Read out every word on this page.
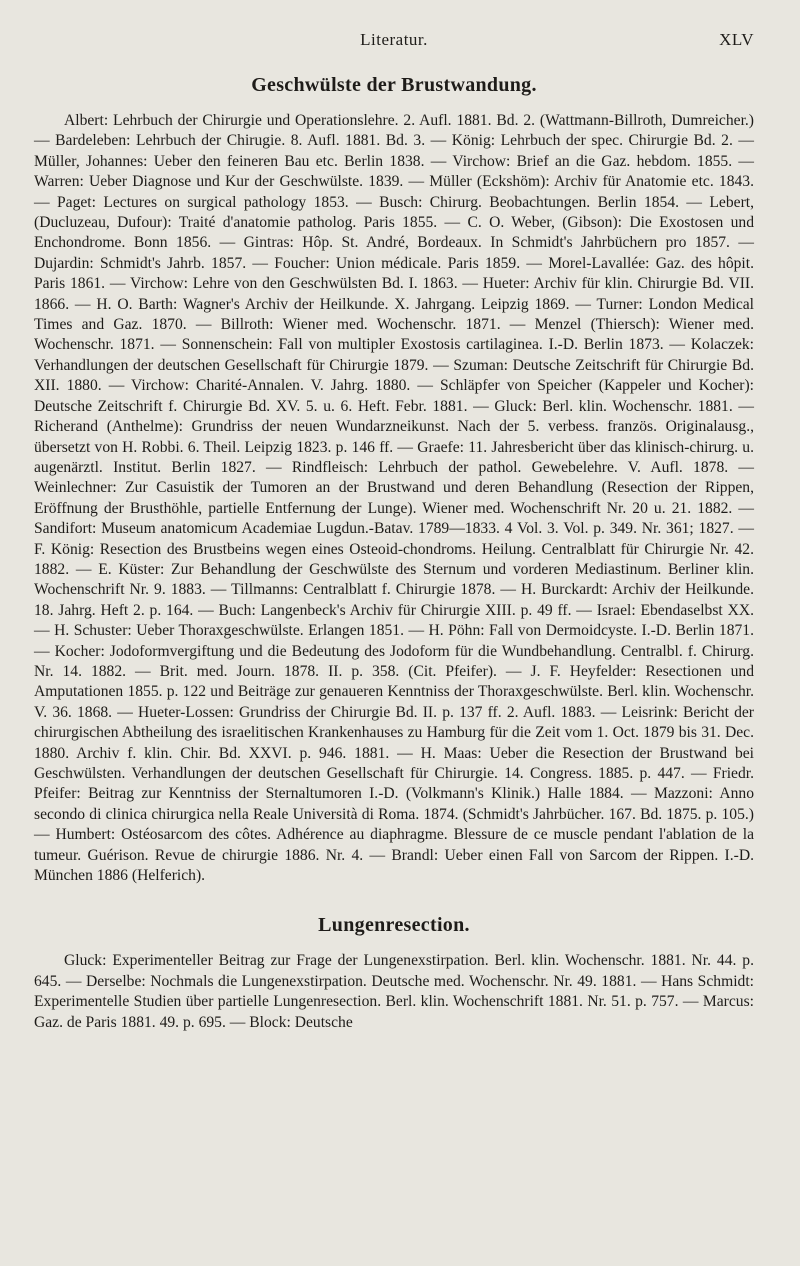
Literatur.	XLV
Geschwülste der Brustwandung.

Albert: Lehrbuch der Chirurgie und Operationslehre. 2. Aufl. 1881. Bd. 2. (Wattmann-Billroth, Dumreicher.) — Bardeleben: Lehrbuch der Chirugie. 8. Aufl. 1881. Bd. 3. — König: Lehrbuch der spec. Chirurgie Bd. 2. — Müller, Johannes: Ueber den feineren Bau etc. Berlin 1838. — Virchow: Brief an die Gaz. hebdom. 1855. — Warren: Ueber Diagnose und Kur der Geschwülste. 1839. — Müller (Eckshöm): Archiv für Anatomie etc. 1843. — Paget: Lectures on surgical pathology 1853. — Busch: Chirurg. Beobachtungen. Berlin 1854. — Lebert, (Ducluzeau, Dufour): Traité d'anatomie patholog. Paris 1855. — C. O. Weber, (Gibson): Die Exostosen und Enchondrome. Bonn 1856. — Gintras: Hôp. St. André, Bordeaux. In Schmidt's Jahrbüchern pro 1857. — Dujardin: Schmidt's Jahrb. 1857. — Foucher: Union médicale. Paris 1859. — Morel-Lavallée: Gaz. des hôpit. Paris 1861. — Virchow: Lehre von den Geschwülsten Bd. I. 1863. — Hueter: Archiv für klin. Chirurgie Bd. VII. 1866. — H. O. Barth: Wagner's Archiv der Heilkunde. X. Jahrgang. Leipzig 1869. — Turner: London Medical Times and Gaz. 1870. — Billroth: Wiener med. Wochenschr. 1871. — Menzel (Thiersch): Wiener med. Wochenschr. 1871. — Sonnenschein: Fall von multipler Exostosis cartilaginea. I.-D. Berlin 1873. — Kolaczek: Verhandlungen der deutschen Gesellschaft für Chirurgie 1879. — Szuman: Deutsche Zeitschrift für Chirurgie Bd. XII. 1880. — Virchow: Charité-Annalen. V. Jahrg. 1880. — Schläpfer von Speicher (Kappeler und Kocher): Deutsche Zeitschrift f. Chirurgie Bd. XV. 5. u. 6. Heft. Febr. 1881. — Gluck: Berl. klin. Wochenschr. 1881. — Richerand (Anthelme): Grundriss der neuen Wundarzneikunst. Nach der 5. verbess. französ. Originalausg., übersetzt von H. Robbi. 6. Theil. Leipzig 1823. p. 146 ff. — Graefe: 11. Jahresbericht über das klinisch-chirurg. u. augenärztl. Institut. Berlin 1827. — Rindfleisch: Lehrbuch der pathol. Gewebelehre. V. Aufl. 1878. — Weinlechner: Zur Casuistik der Tumoren an der Brustwand und deren Behandlung (Resection der Rippen, Eröffnung der Brusthöhle, partielle Entfernung der Lunge). Wiener med. Wochenschrift Nr. 20 u. 21. 1882. — Sandifort: Museum anatomicum Academiae Lugdun.-Batav. 1789—1833. 4 Vol. 3. Vol. p. 349. Nr. 361; 1827. — F. König: Resection des Brustbeins wegen eines Osteoid-chondroms. Heilung. Centralblatt für Chirurgie Nr. 42. 1882. — E. Küster: Zur Behandlung der Geschwülste des Sternum und vorderen Mediastinum. Berliner klin. Wochenschrift Nr. 9. 1883. — Tillmanns: Centralblatt f. Chirurgie 1878. — H. Burckardt: Archiv der Heilkunde. 18. Jahrg. Heft 2. p. 164. — Buch: Langenbeck's Archiv für Chirurgie XIII. p. 49 ff. — Israel: Ebendaselbst XX. — H. Schuster: Ueber Thoraxgeschwülste. Erlangen 1851. — H. Pöhn: Fall von Dermoidcyste. I.-D. Berlin 1871. — Kocher: Jodoformvergiftung und die Bedeutung des Jodoform für die Wundbehandlung. Centralbl. f. Chirurg. Nr. 14. 1882. — Brit. med. Journ. 1878. II. p. 358. (Cit. Pfeifer). — J. F. Heyfelder: Resectionen und Amputationen 1855. p. 122 und Beiträge zur genaueren Kenntniss der Thoraxgeschwülste. Berl. klin. Wochenschr. V. 36. 1868. — Hueter-Lossen: Grundriss der Chirurgie Bd. II. p. 137 ff. 2. Aufl. 1883. — Leisrink: Bericht der chirurgischen Abtheilung des israelitischen Krankenhauses zu Hamburg für die Zeit vom 1. Oct. 1879 bis 31. Dec. 1880. Archiv f. klin. Chir. Bd. XXVI. p. 946. 1881. — H. Maas: Ueber die Resection der Brustwand bei Geschwülsten. Verhandlungen der deutschen Gesellschaft für Chirurgie. 14. Congress. 1885. p. 447. — Friedr. Pfeifer: Beitrag zur Kenntniss der Sternaltumoren I.-D. (Volkmann's Klinik.) Halle 1884. — Mazzoni: Anno secondo di clinica chirurgica nella Reale Università di Roma. 1874. (Schmidt's Jahrbücher. 167. Bd. 1875. p. 105.) — Humbert: Ostéosarcom des côtes. Adhérence au diaphragme. Blessure de ce muscle pendant l'ablation de la tumeur. Guérison. Revue de chirurgie 1886. Nr. 4. — Brandl: Ueber einen Fall von Sarcom der Rippen. I.-D. München 1886 (Helferich).

Lungenresection.

Gluck: Experimenteller Beitrag zur Frage der Lungenexstirpation. Berl. klin. Wochenschr. 1881. Nr. 44. p. 645. — Derselbe: Nochmals die Lungenexstirpation. Deutsche med. Wochenschr. Nr. 49. 1881. — Hans Schmidt: Experimentelle Studien über partielle Lungenresection. Berl. klin. Wochenschrift 1881. Nr. 51. p. 757. — Marcus: Gaz. de Paris 1881. 49. p. 695. — Block: Deutsche
